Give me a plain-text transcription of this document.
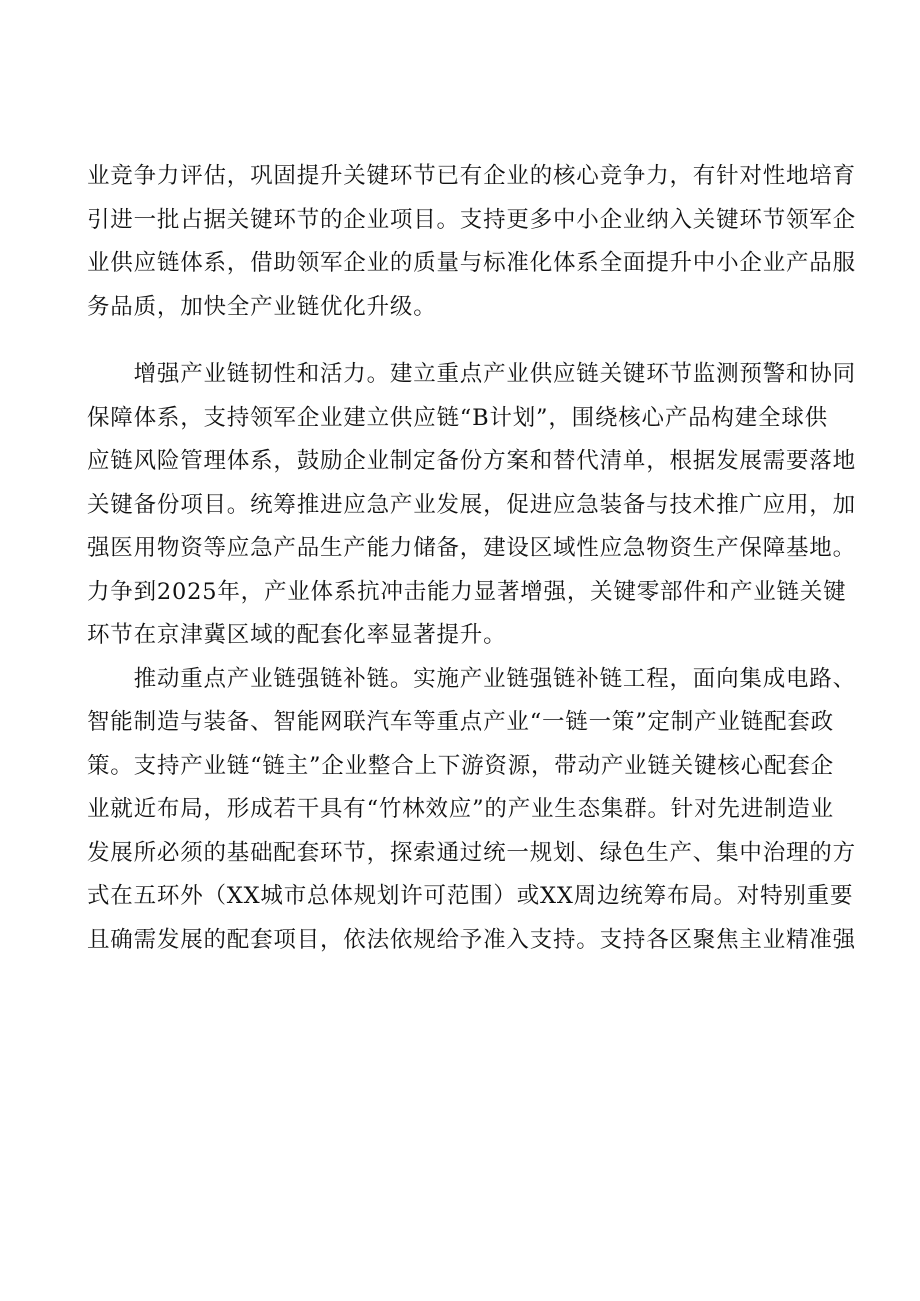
业竞争力评估，巩固提升关键环节已有企业的核心竞争力，有针对性地培育
引进一批占据关键环节的企业项目。支持更多中小企业纳入关键环节领军企
业供应链体系，借助领军企业的质量与标准化体系全面提升中小企业产品服
务品质，加快全产业链优化升级。
　　增强产业链韧性和活力。建立重点产业供应链关键环节监测预警和协同
保障体系，支持领军企业建立供应链“B计划”，围绕核心产品构建全球供
应链风险管理体系，鼓励企业制定备份方案和替代清单，根据发展需要落地
关键备份项目。统筹推进应急产业发展，促进应急装备与技术推广应用，加
强医用物资等应急产品生产能力储备，建设区域性应急物资生产保障基地。
力争到2025年，产业体系抗冲击能力显著增强，关键零部件和产业链关键
环节在京津冀区域的配套化率显著提升。
　　推动重点产业链强链补链。实施产业链强链补链工程，面向集成电路、
智能制造与装备、智能网联汽车等重点产业“一链一策”定制产业链配套政
策。支持产业链“链主”企业整合上下游资源，带动产业链关键核心配套企
业就近布局，形成若干具有“竹林效应”的产业生态集群。针对先进制造业
发展所必须的基础配套环节，探索通过统一规划、绿色生产、集中治理的方
式在五环外（XX城市总体规划许可范围）或XX周边统筹布局。对特别重要
且确需发展的配套项目，依法依规给予准入支持。支持各区聚焦主业精准强
